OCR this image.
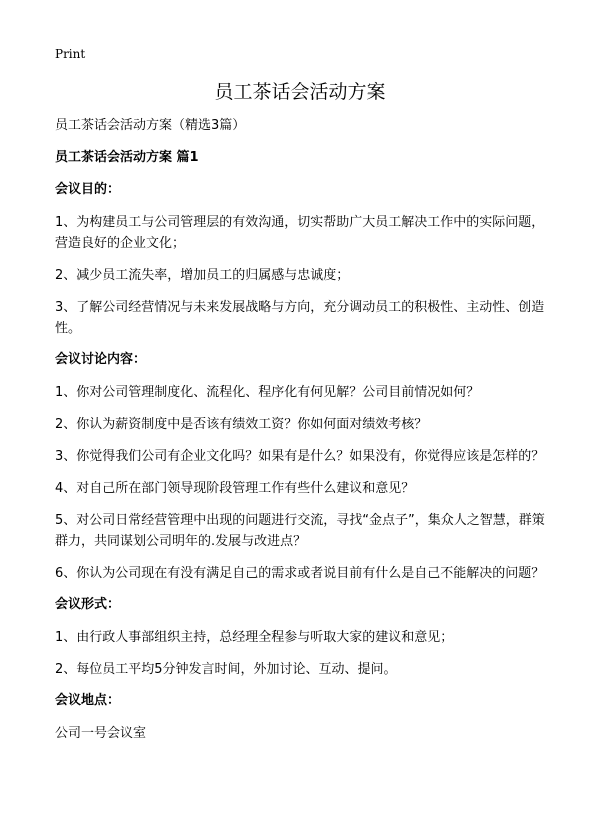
Print
员工茶话会活动方案
员工茶话会活动方案（精选3篇）
员工茶话会活动方案 篇1
会议目的：

1、为构建员工与公司管理层的有效沟通，切实帮助广大员工解决工作中的实际问题，营造良好的企业文化；

2、减少员工流失率，增加员工的归属感与忠诚度；

3、了解公司经营情况与未来发展战略与方向，充分调动员工的积极性、主动性、创造性。

会议讨论内容：

1、你对公司管理制度化、流程化、程序化有何见解？公司目前情况如何？

2、你认为薪资制度中是否该有绩效工资？你如何面对绩效考核？

3、你觉得我们公司有企业文化吗？如果有是什么？如果没有，你觉得应该是怎样的？

4、对自己所在部门领导现阶段管理工作有些什么建议和意见？

5、对公司日常经营管理中出现的问题进行交流，寻找“金点子”，集众人之智慧，群策群力，共同谋划公司明年的.发展与改进点？

6、你认为公司现在有没有满足自己的需求或者说目前有什么是自己不能解决的问题？

会议形式：

1、由行政人事部组织主持，总经理全程参与听取大家的建议和意见；

2、每位员工平均5分钟发言时间，外加讨论、互动、提问。

会议地点：

公司一号会议室
